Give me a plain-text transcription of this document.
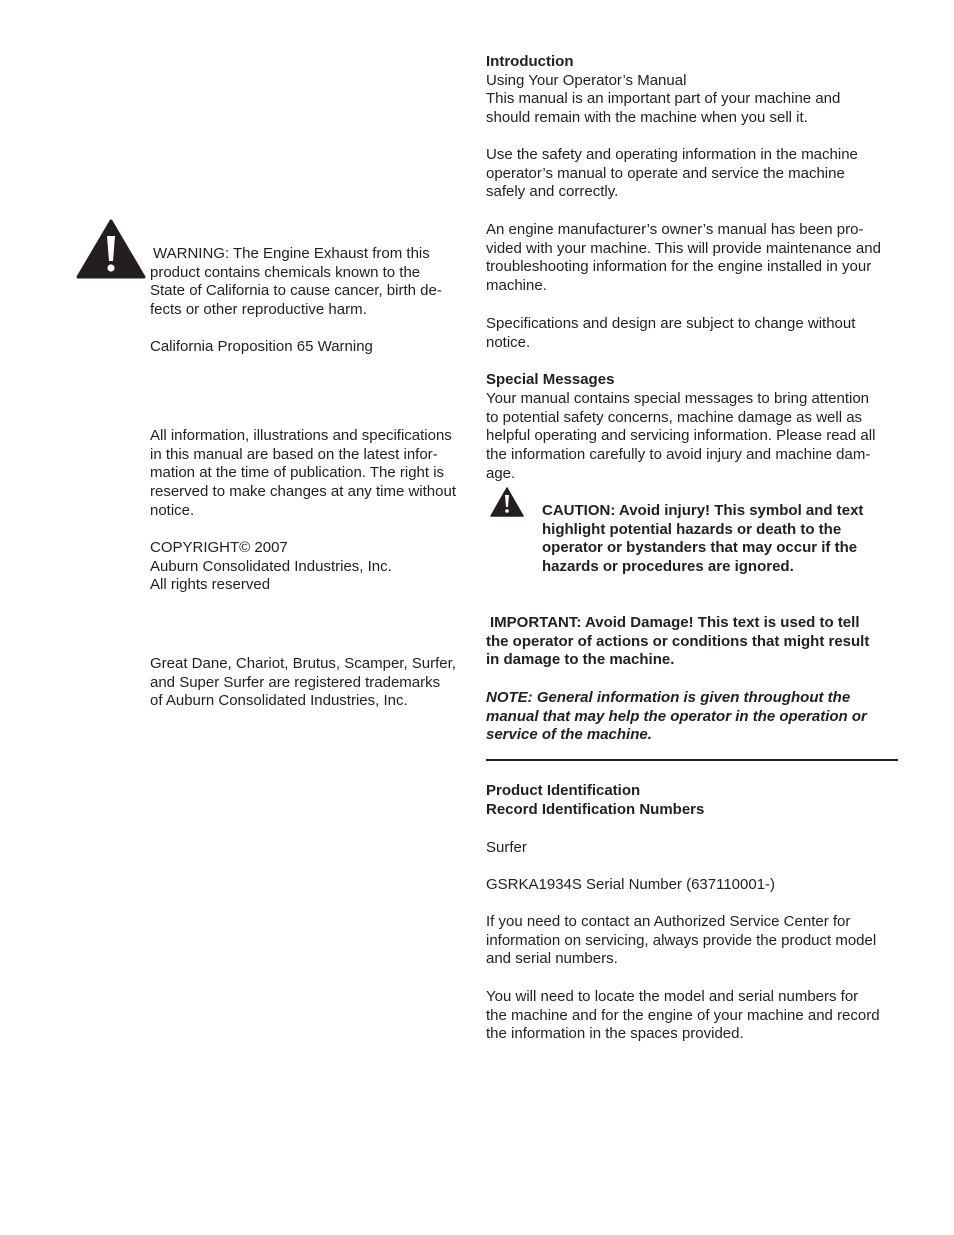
WARNING: The Engine Exhaust from this
product contains chemicals known to the
State of California to cause cancer, birth de-
fects or other reproductive harm.
California Proposition 65 Warning
All information, illustrations and specifications
in this manual are based on the latest infor-
mation at the time of publication. The right is
reserved to make changes at any time without
notice.
COPYRIGHT© 2007
Auburn Consolidated Industries, Inc.
All rights reserved
Great Dane, Chariot, Brutus, Scamper, Surfer,
and Super Surfer are registered trademarks
of Auburn Consolidated Industries, Inc.
Introduction
Using Your Operator’s Manual
This manual is an important part of your machine and
should remain with the machine when you sell it.
Use the safety and operating information in the machine
operator’s manual to operate and service the machine
safely and correctly.
An engine manufacturer’s owner’s manual has been pro-
vided with your machine. This will provide maintenance and
troubleshooting information for the engine installed in your
machine.
Specifications and design are subject to change without
notice.
Special Messages
Your manual contains special messages to bring attention
to potential safety concerns, machine damage as well as
helpful operating and servicing information. Please read all
the information carefully to avoid injury and machine dam-
age.
CAUTION: Avoid injury! This symbol and text
highlight potential hazards or death to the
operator or bystanders that may occur if the
hazards or procedures are ignored.
IMPORTANT: Avoid Damage! This text is used to tell
the operator of actions or conditions that might result
in damage to the machine.
NOTE: General information is given throughout the
manual that may help the operator in the operation or
service of the machine.
Product Identification
Record Identification Numbers
Surfer
GSRKA1934S Serial Number (637110001-)
If you need to contact an Authorized Service Center for
information on servicing, always provide the product model
and serial numbers.
You will need to locate the model and serial numbers for
the machine and for the engine of your machine and record
the information in the spaces provided.
